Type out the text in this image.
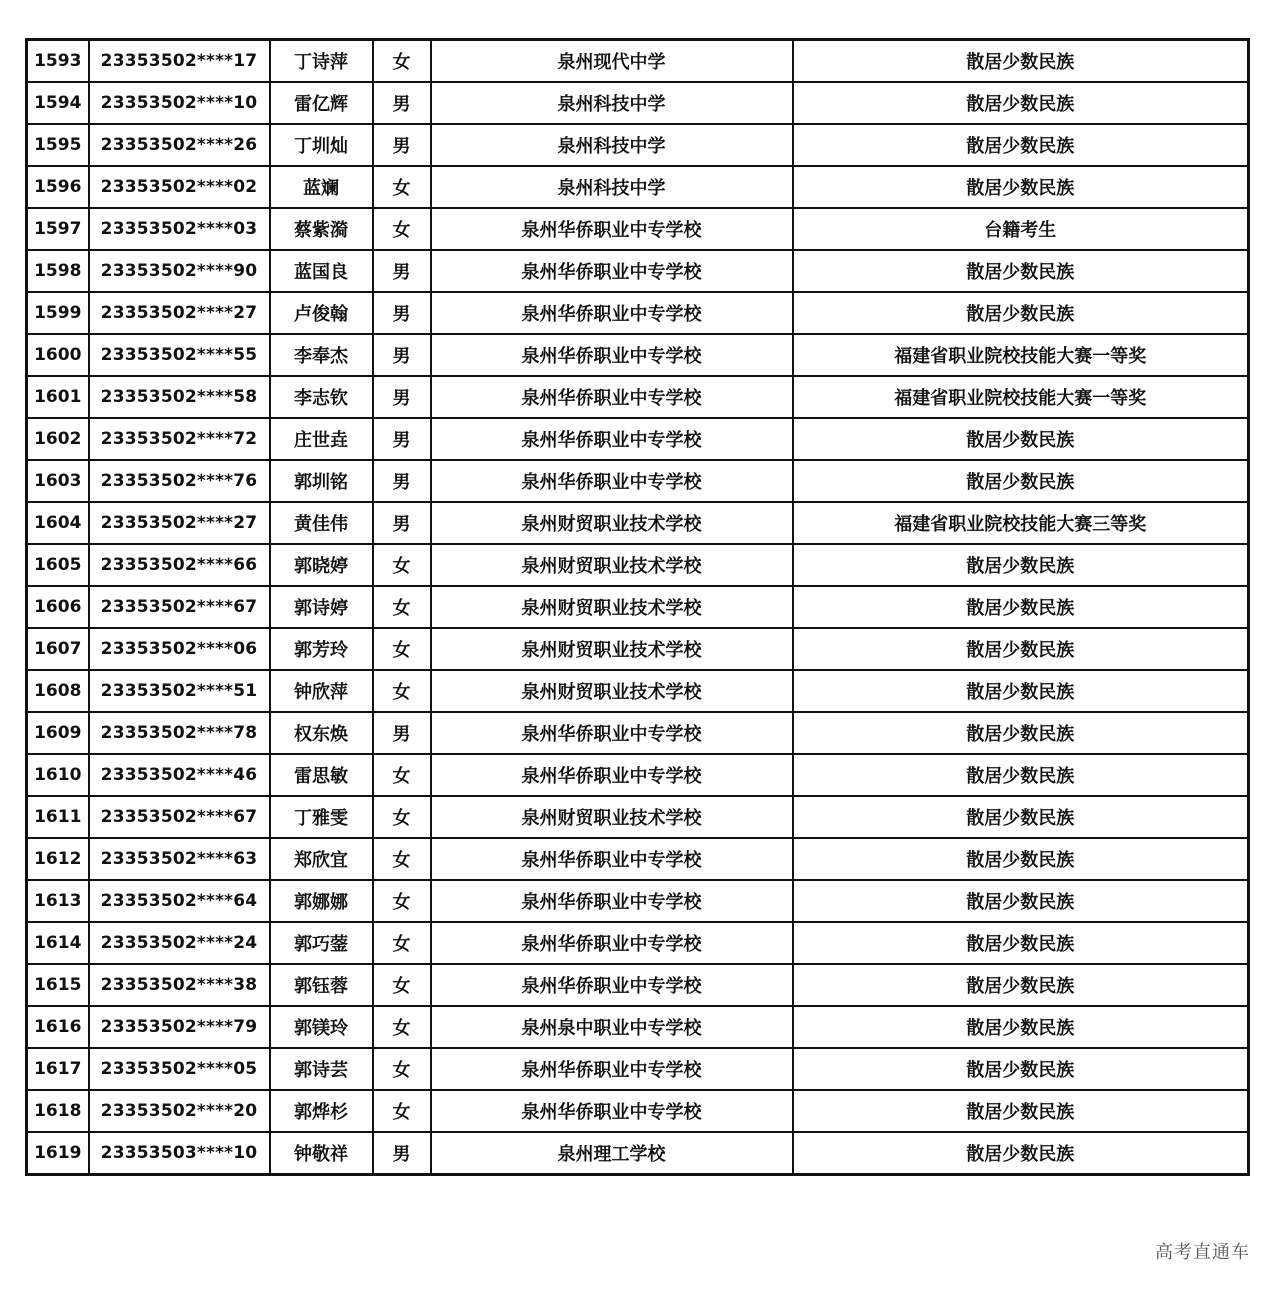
1593	23353502****17	丁诗萍	女	泉州现代中学	散居少数民族
1594	23353502****10	雷亿辉	男	泉州科技中学	散居少数民族
1595	23353502****26	丁圳灿	男	泉州科技中学	散居少数民族
1596	23353502****02	蓝斓	女	泉州科技中学	散居少数民族
1597	23353502****03	蔡紫漪	女	泉州华侨职业中专学校	台籍考生
1598	23353502****90	蓝国良	男	泉州华侨职业中专学校	散居少数民族
1599	23353502****27	卢俊翰	男	泉州华侨职业中专学校	散居少数民族
1600	23353502****55	李奉杰	男	泉州华侨职业中专学校	福建省职业院校技能大赛一等奖
1601	23353502****58	李志钦	男	泉州华侨职业中专学校	福建省职业院校技能大赛一等奖
1602	23353502****72	庄世垚	男	泉州华侨职业中专学校	散居少数民族
1603	23353502****76	郭圳铭	男	泉州华侨职业中专学校	散居少数民族
1604	23353502****27	黄佳伟	男	泉州财贸职业技术学校	福建省职业院校技能大赛三等奖
1605	23353502****66	郭晓婷	女	泉州财贸职业技术学校	散居少数民族
1606	23353502****67	郭诗婷	女	泉州财贸职业技术学校	散居少数民族
1607	23353502****06	郭芳玲	女	泉州财贸职业技术学校	散居少数民族
1608	23353502****51	钟欣萍	女	泉州财贸职业技术学校	散居少数民族
1609	23353502****78	权东焕	男	泉州华侨职业中专学校	散居少数民族
1610	23353502****46	雷思敏	女	泉州华侨职业中专学校	散居少数民族
1611	23353502****67	丁雅雯	女	泉州财贸职业技术学校	散居少数民族
1612	23353502****63	郑欣宜	女	泉州华侨职业中专学校	散居少数民族
1613	23353502****64	郭娜娜	女	泉州华侨职业中专学校	散居少数民族
1614	23353502****24	郭巧蓥	女	泉州华侨职业中专学校	散居少数民族
1615	23353502****38	郭钰蓉	女	泉州华侨职业中专学校	散居少数民族
1616	23353502****79	郭镁玲	女	泉州泉中职业中专学校	散居少数民族
1617	23353502****05	郭诗芸	女	泉州华侨职业中专学校	散居少数民族
1618	23353502****20	郭烨杉	女	泉州华侨职业中专学校	散居少数民族
1619	23353503****10	钟敬祥	男	泉州理工学校	散居少数民族
高考直通车
